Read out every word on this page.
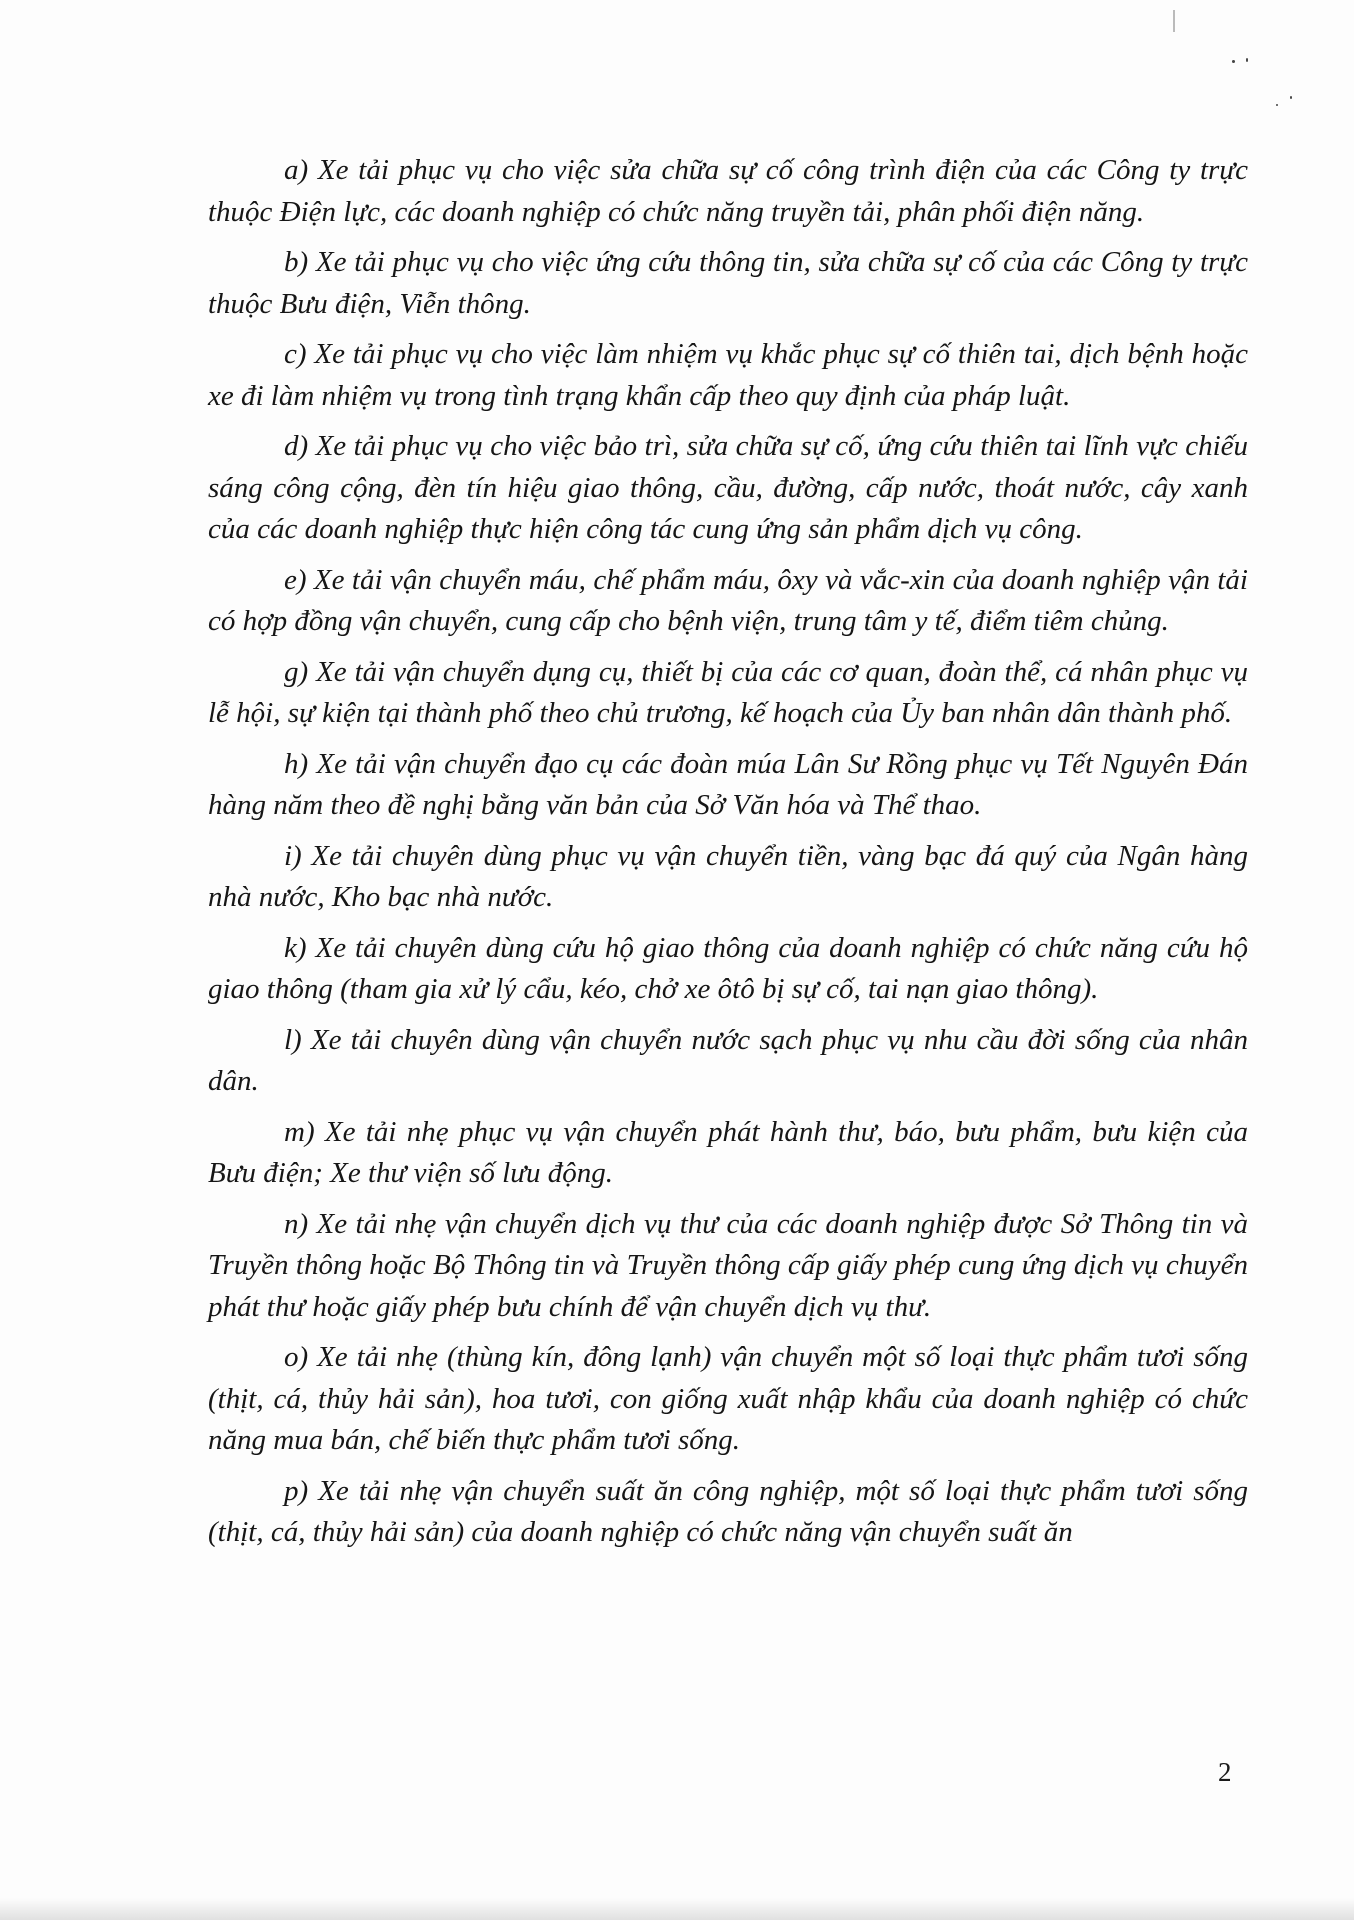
a) Xe tải phục vụ cho việc sửa chữa sự cố công trình điện của các Công ty trực thuộc Điện lực, các doanh nghiệp có chức năng truyền tải, phân phối điện năng.

b) Xe tải phục vụ cho việc ứng cứu thông tin, sửa chữa sự cố của các Công ty trực thuộc Bưu điện, Viễn thông.

c) Xe tải phục vụ cho việc làm nhiệm vụ khắc phục sự cố thiên tai, dịch bệnh hoặc xe đi làm nhiệm vụ trong tình trạng khẩn cấp theo quy định của pháp luật.

d) Xe tải phục vụ cho việc bảo trì, sửa chữa sự cố, ứng cứu thiên tai lĩnh vực chiếu sáng công cộng, đèn tín hiệu giao thông, cầu, đường, cấp nước, thoát nước, cây xanh của các doanh nghiệp thực hiện công tác cung ứng sản phẩm dịch vụ công.

e) Xe tải vận chuyển máu, chế phẩm máu, ôxy và vắc-xin của doanh nghiệp vận tải có hợp đồng vận chuyển, cung cấp cho bệnh viện, trung tâm y tế, điểm tiêm chủng.

g) Xe tải vận chuyển dụng cụ, thiết bị của các cơ quan, đoàn thể, cá nhân phục vụ lễ hội, sự kiện tại thành phố theo chủ trương, kế hoạch của Ủy ban nhân dân thành phố.

h) Xe tải vận chuyển đạo cụ các đoàn múa Lân Sư Rồng phục vụ Tết Nguyên Đán hàng năm theo đề nghị bằng văn bản của Sở Văn hóa và Thể thao.

i) Xe tải chuyên dùng phục vụ vận chuyển tiền, vàng bạc đá quý của Ngân hàng nhà nước, Kho bạc nhà nước.

k) Xe tải chuyên dùng cứu hộ giao thông của doanh nghiệp có chức năng cứu hộ giao thông (tham gia xử lý cẩu, kéo, chở xe ôtô bị sự cố, tai nạn giao thông).

l) Xe tải chuyên dùng vận chuyển nước sạch phục vụ nhu cầu đời sống của nhân dân.

m) Xe tải nhẹ phục vụ vận chuyển phát hành thư, báo, bưu phẩm, bưu kiện của Bưu điện; Xe thư viện số lưu động.

n) Xe tải nhẹ vận chuyển dịch vụ thư của các doanh nghiệp được Sở Thông tin và Truyền thông hoặc Bộ Thông tin và Truyền thông cấp giấy phép cung ứng dịch vụ chuyển phát thư hoặc giấy phép bưu chính để vận chuyển dịch vụ thư.

o) Xe tải nhẹ (thùng kín, đông lạnh) vận chuyển một số loại thực phẩm tươi sống (thịt, cá, thủy hải sản), hoa tươi, con giống xuất nhập khẩu của doanh nghiệp có chức năng mua bán, chế biến thực phẩm tươi sống.

p) Xe tải nhẹ vận chuyển suất ăn công nghiệp, một số loại thực phẩm tươi sống (thịt, cá, thủy hải sản) của doanh nghiệp có chức năng vận chuyển suất ăn

2
